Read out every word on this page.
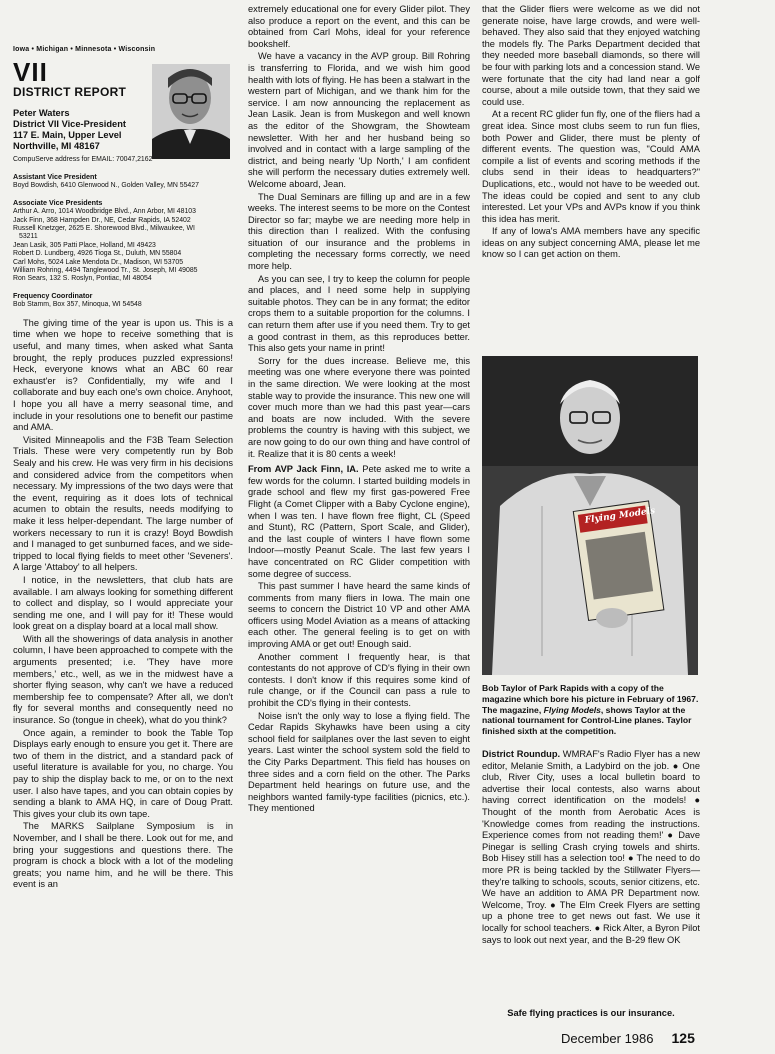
Iowa • Michigan • Minnesota • Wisconsin
VII
DISTRICT REPORT
Peter Waters
District VII Vice-President
117 E. Main, Upper Level
Northville, MI 48167
CompuServe address for EMAIL: 70047,2162
Assistant Vice President
Boyd Bowdish, 6410 Glenwood N., Golden Valley, MN 55427
Associate Vice Presidents
Arthur A. Arro, 1014 Woodbridge Blvd., Ann Arbor, MI 48103
Jack Finn, 368 Hampden Dr., NE, Cedar Rapids, IA 52402
Russell Knetzger, 2625 E. Shorewood Blvd., Milwaukee, WI
53211
Jean Lasik, 305 Patti Place, Holland, MI 49423
Robert D. Lundberg, 4926 Tioga St., Duluth, MN 55804
Carl Mohs, 5024 Lake Mendota Dr., Madison, WI 53705
William Rohring, 4494 Tanglewood Tr., St. Joseph, MI 49085
Ron Sears, 132 S. Roslyn, Pontiac, MI 48054
Frequency Coordinator
Bob Stamm, Box 357, Minoqua, WI 54548

The giving time of the year is upon us. This is a time when we hope to receive something that is useful, and many times, when asked what Santa brought, the reply produces puzzled expressions! Heck, everyone knows what an ABC 60 rear exhaust'er is? Confidentially, my wife and I collaborate and buy each one's own choice. Anyhoot, I hope you all have a merry seasonal time, and include in your resolutions one to benefit our pastime and AMA.

Visited Minneapolis and the F3B Team Selection Trials. These were very competently run by Bob Sealy and his crew. He was very firm in his decisions and considered advice from the competitors when necessary. My impressions of the two days were that the event, requiring as it does lots of technical acumen to obtain the results, needs modifying to make it less helper-dependant. The large number of workers necessary to run it is crazy! Boyd Bowdish and I managed to get sunburned faces, and we side-tripped to local flying fields to meet other 'Seveners'. A large 'Attaboy' to all helpers.

I notice, in the newsletters, that club hats are available. I am always looking for something different to collect and display, so I would appreciate your sending me one, and I will pay for it! These would look great on a display board at a local mall show.

With all the showerings of data analysis in another column, I have been approached to compete with the arguments presented; i.e. 'They have more members,' etc., well, as we in the midwest have a shorter flying season, why can't we have a reduced membership fee to compensate? After all, we don't fly for several months and consequently need no insurance. So (tongue in cheek), what do you think?

Once again, a reminder to book the Table Top Displays early enough to ensure you get it. There are two of them in the district, and a standard pack of useful literature is available for you, no charge. You pay to ship the display back to me, or on to the next user. I also have tapes, and you can obtain copies by sending a blank to AMA HQ, in care of Doug Pratt. This gives your club its own tape.

The MARKS Sailplane Symposium is in November, and I shall be there. Look out for me, and bring your suggestions and questions there. The program is chock a block with a lot of the modeling greats; you name him, and he will be there. This event is an

extremely educational one for every Glider pilot. They also produce a report on the event, and this can be obtained from Carl Mohs, ideal for your reference bookshelf.

We have a vacancy in the AVP group. Bill Rohring is transferring to Florida, and we wish him good health with lots of flying. He has been a stalwart in the western part of Michigan, and we thank him for the service. I am now announcing the replacement as Jean Lasik. Jean is from Muskegon and well known as the editor of the Showgram, the Showteam newsletter. With her and her husband being so involved and in contact with a large sampling of the district, and being nearly 'Up North,' I am confident she will perform the necessary duties extremely well. Welcome aboard, Jean.

The Dual Seminars are filling up and are in a few weeks. The interest seems to be more on the Contest Director so far; maybe we are needing more help in this direction than I realized. With the confusing situation of our insurance and the problems in completing the necessary forms correctly, we need more help.

As you can see, I try to keep the column for people and places, and I need some help in supplying suitable photos. They can be in any format; the editor crops them to a suitable proportion for the columns. I can return them after use if you need them. Try to get a good contrast in them, as this reproduces better. This also gets your name in print!

Sorry for the dues increase. Believe me, this meeting was one where everyone there was pointed in the same direction. We were looking at the most stable way to provide the insurance. This new one will cover much more than we had this past year—cars and boats are now included. With the severe problems the country is having with this subject, we are now going to do our own thing and have control of it. Realize that it is 80 cents a week!

From AVP Jack Finn, IA. Pete asked me to write a few words for the column. I started building models in grade school and flew my first gas-powered Free Flight (a Comet Clipper with a Baby Cyclone engine), when I was ten. I have flown free flight, CL (Speed and Stunt), RC (Pattern, Sport Scale, and Glider), and the last couple of winters I have flown some Indoor—mostly Peanut Scale. The last few years I have concentrated on RC Glider competition with some degree of success.

This past summer I have heard the same kinds of comments from many fliers in Iowa. The main one seems to concern the District 10 VP and other AMA officers using Model Aviation as a means of attacking each other. The general feeling is to get on with improving AMA or get out! Enough said.

Another comment I frequently hear, is that contestants do not approve of CD's flying in their own contests. I don't know if this requires some kind of rule change, or if the Council can pass a rule to prohibit the CD's flying in their contests.

Noise isn't the only way to lose a flying field. The Cedar Rapids Skyhawks have been using a city school field for sailplanes over the last seven to eight years. Last winter the school system sold the field to the City Parks Department. This field has houses on three sides and a corn field on the other. The Parks Department held hearings on future use, and the neighbors wanted family-type facilities (picnics, etc.). They mentioned

that the Glider fliers were welcome as we did not generate noise, have large crowds, and were well-behaved. They also said that they enjoyed watching the models fly. The Parks Department decided that they needed more baseball diamonds, so there will be four with parking lots and a concession stand. We were fortunate that the city had land near a golf course, about a mile outside town, that they said we could use.

At a recent RC glider fun fly, one of the fliers had a great idea. Since most clubs seem to run fun flies, both Power and Glider, there must be plenty of different events. The question was, "Could AMA compile a list of events and scoring methods if the clubs send in their ideas to headquarters?" Duplications, etc., would not have to be weeded out. The ideas could be copied and sent to any club interested. Let your VPs and AVPs know if you think this idea has merit.

If any of Iowa's AMA members have any specific ideas on any subject concerning AMA, please let me know so I can get action on them.

Flying Models
Bob Taylor of Park Rapids with a copy of the magazine which bore his picture in February of 1967. The magazine, Flying Models, shows Taylor at the national tournament for Control-Line planes. Taylor finished sixth at the competition.

District Roundup. WMRAF's Radio Flyer has a new editor, Melanie Smith, a Ladybird on the job. ● One club, River City, uses a local bulletin board to advertise their local contests, also warns about having correct identification on the models! ● Thought of the month from Aerobatic Aces is 'Knowledge comes from reading the instructions. Experience comes from not reading them!' ● Dave Pinegar is selling Crash crying towels and shirts. Bob Hisey still has a selection too! ● The need to do more PR is being tackled by the Stillwater Flyers—they're talking to schools, scouts, senior citizens, etc. We have an addition to AMA PR Department now. Welcome, Troy. ● The Elm Creek Flyers are setting up a phone tree to get news out fast. We use it locally for school teachers. ● Rick Alter, a Byron Pilot says to look out next year, and the B-29 flew OK

Safe flying practices is our insurance.
December 1986 125
